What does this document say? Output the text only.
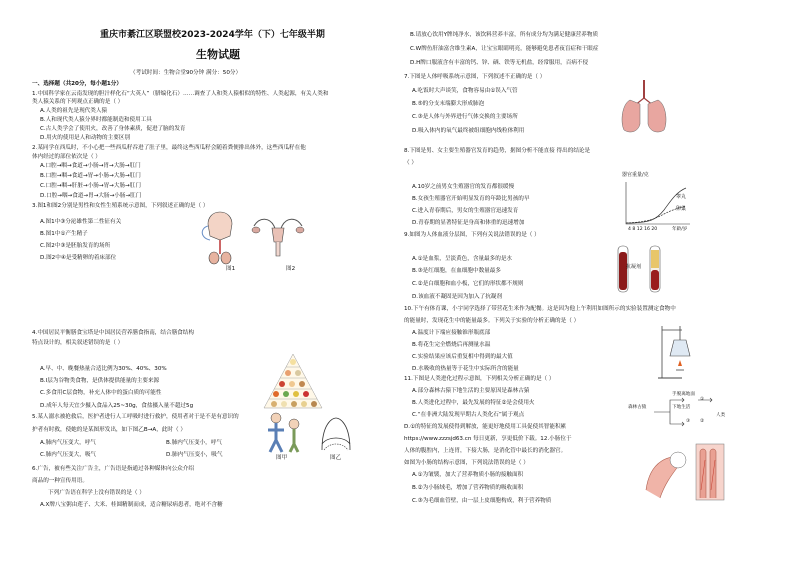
重庆市綦江区联盟校2023-2024学年（下）七年级半期
生物试题
（考试时间：生物合堂90分钟 满分：50分）
一、选择题（共20分，每小题1分）
1.中国科学家在云南发现的胆汁样化石“大英人”（腊编化石）……调查了人和类人猿相似的特性、人类起源，有关人类和
类人猿关系的下列观点正确的是（ ）
A.人类的祖先是现代类人猿
B.人和现代类人猿分界时都能制造和使用工具
C.古人类学会了使用火，改善了身体素质，促进了脑的发育
D.用火的使用是人和动物的主要区别
2.某同学在西瓜时，不小心把一些西瓜籽吞进了肚子里，最终这些西瓜籽会随着粪便排出体外，这些西瓜籽在他
体内经过的部位依次是（ ）
A.口腔→咽→食道→小肠→胃→大肠→肛门
B.口腔→咽→食道→胃→小肠→大肠→肛门
C.口腔→咽→肝脏→小肠→胃→大肠→肛门
D.口腔→咽→食道→胃→大肠→小肠→肛门
3.图1和图2分别是男性和女性生殖系统示意图，下列叙述正确的是（ ）
A.图1中③分泌雄性第二性征有关
B.图1中①产生精子
C.图2中③是胚胎发育的场所
D.图2中④是受精卵的着床部位
图1	图2
4.中国居民平衡膳食宝塔是中国居民营养膳食指南，结合膳食结构
特点设计的，相关叙述错误的是（ ）
A.早、中、晚餐热量合适比例为30%、40%、30%
B.Ⅰ层为谷物类食物，是供体提供能量的主要来源
C.多食用C层食物，补充人体中的蛋白质的可能性
D.成年人每天宜少摄入食品入25~30g，食盐摄入量不超过5g
5.某人溺水被抢救后，医护者进行人工呼吸时进行救护，使用者对于是不是有意识的
护者有时救，使她的是某图形发出，如下图乙B→A，此时（ ）
A.肺内气压变大，呼气	B.肺内气压变小，呼气
C.肺内气压变大，吸气	D.肺内气压变小，吸气	图甲	图乙
6.广告，被有些关注广告主，广告语是指通过各种媒体向公众介绍
商品的一种宣传用语。
下列广告语在科学上没有错误的是（ ）
A.X牌八宝粥由莲子、大米、桂圆精制而成，适合糖尿病患者，绝对不含糖
B.请放心饮用Y牌纯净水，该饮料营养丰富，所有成分均为满足健康营养物质
C.W牌鱼肝油富含维生素A，让宝宝眼睛明亮，能够避免患者夜盲症和干眼症
D.H牌口服液含有丰富的钙、锌、硒、铁等无机盐，经常服用，百病不侵
7.下图是人体呼吸系统示意图，下列叙述不正确的是（ ）
A.吃饭时大声谈笑，食物容易由①误入气管
B.⑤的分支末端膨大形成肺泡
C.③是人体与外界进行气体交换的主要场所
D.吸入体内的氧气最终被组细胞内线粒体利用
8.下图是男、女主要生殖器官发育的趋势，据图分析不能直接 得出的结论是
（ ）
A.10岁之前男女生殖器官的发育都很缓慢
B.女孩生殖器官开始明显发育的年龄比男孩的早
C.进入青春期后，男女的生殖器官迅速发育
D.青春期的显著特征是身高和体重的迅速增加
器官重量/克
睾丸
卵巢
4 8 12 16 20	年龄/岁
9.如图为人体血液分层图，下列有关说法错误的是（ ）
A.①是血浆，呈淡黄色，含量最多的是水
B.③是红细胞，在血细胞中数量最多
C.②是白细胞和血小板，它们的形状都不规则
D.该血液不凝固是因为加入了抗凝剂
抗凝剂
10.下午有体育课，小宇同学选择了带营花生米作为配餐。这是因为他上午利用如图所示的实验装置测定食物中
的能量时，发现花生中的能量最多。下列关于实验的分析正确的是（ ）
A.温度计下端应接触锥形瓶底部
B.将花生完全燃烧后再测量水温
C.实验结果应该后重复相中得到的最大值
D.水吸收的热量等于花生中实际所含的能量
11.下图是人类进化过程示意图，下列相关分析正确的是（ ）
A.部分森林古猿下地生活的主要原因是森林古猿
B.人类进化过程中，最先发展的特征②是会使用火
C.“在非洲大陆发现早期古人类化石”属于观点
D.①的特征的发展使得到解放，能更好地使用工具促使其智能积累
手脱离地面
森林古猿	下地生活
①
②
③
人类
https://www.zzzsjd63.cn 每日更新，享更低价下载。12.小肠位于
人体的腹腔内，上连胃，下接大肠，是消化管中最长的消化器官。
如图为小肠的结构示意图，下列说法错误的是（ ）
A.①为皱襞，加大了营养物质小肠的接触面积
B.②为小肠绒毛，增加了营养物质的吸收面积
C.③为毛细血管壁，由一层上皮细胞构成，利于营养物质
